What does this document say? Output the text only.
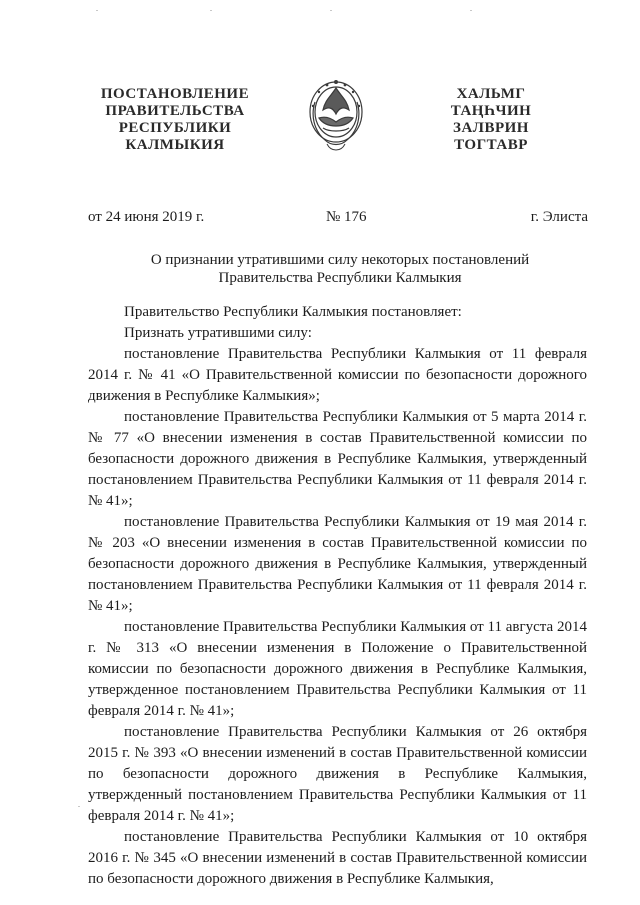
ПОСТАНОВЛЕНИЕ
ПРАВИТЕЛЬСТВА
РЕСПУБЛИКИ
КАЛМЫКИЯ
ХАЛЬМГ
ТАҢҺЧИН
ЗАЛВРИН
ТОГТАВР
от 24 июня 2019 г.	№ 176	г. Элиста
О признании утратившими силу некоторых постановлений
Правительства Республики Калмыкия

Правительство Республики Калмыкия постановляет:

Признать утратившими силу:

постановление Правительства Республики Калмыкия от 11 февраля 2014 г. № 41 «О Правительственной комиссии по безопасности дорожного движения в Республике Калмыкия»;

постановление Правительства Республики Калмыкия от 5 марта 2014 г. № 77 «О внесении изменения в состав Правительственной комиссии по безопасности дорожного движения в Республике Калмыкия, утвержденный постановлением Правительства Республики Калмыкия от 11 февраля 2014 г. № 41»;

постановление Правительства Республики Калмыкия от 19 мая 2014 г. № 203 «О внесении изменения в состав Правительственной комиссии по безопасности дорожного движения в Республике Калмыкия, утвержденный постановлением Правительства Республики Калмыкия от 11 февраля 2014 г. № 41»;

постановление Правительства Республики Калмыкия от 11 августа 2014 г. № 313 «О внесении изменения в Положение о Правительственной комиссии по безопасности дорожного движения в Республике Калмыкия, утвержденное постановлением Правительства Республики Калмыкия от 11 февраля 2014 г. № 41»;

постановление Правительства Республики Калмыкия от 26 октября 2015 г. № 393 «О внесении изменений в состав Правительственной комиссии по безопасности дорожного движения в Республике Калмыкия, утвержденный постановлением Правительства Республики Калмыкия от 11 февраля 2014 г. № 41»;

постановление Правительства Республики Калмыкия от 10 октября 2016 г. № 345 «О внесении изменений в состав Правительственной комиссии по безопасности дорожного движения в Республике Калмыкия,
